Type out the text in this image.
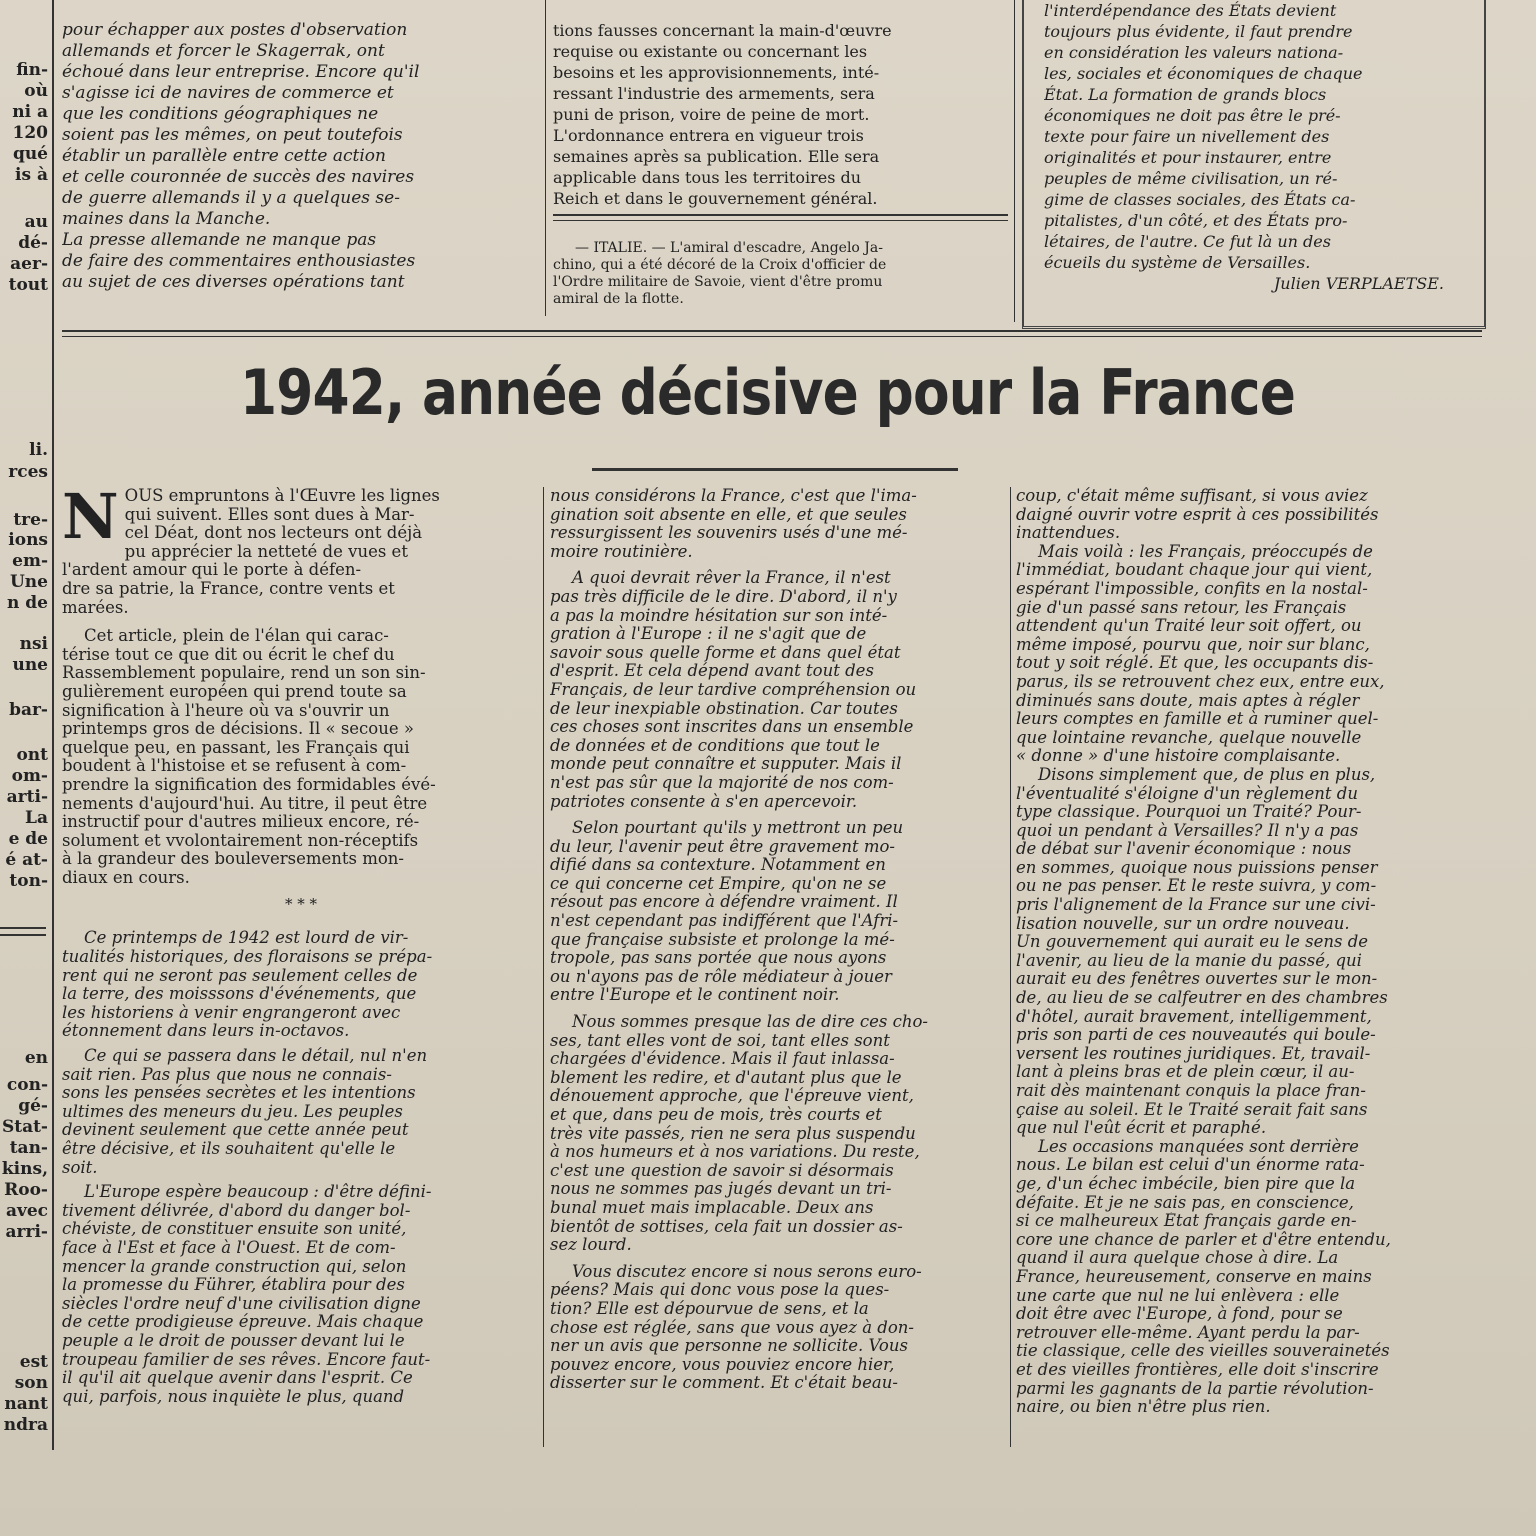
fin-
où
ni a
120
qué
is à
au
dé-
aer-
tout
li.
rces
tre-
ions
em-
Une
n de
nsi
une
bar-
ont
om-
arti-
La
e de
é at-
ton-
en
con-
gé-
Stat-
tan-
kins,
Roo-
avec
arri-
est
son
nant
ndra
pour échapper aux postes d'observation
allemands et forcer le Skagerrak, ont
échoué dans leur entreprise. Encore qu'il
s'agisse ici de navires de commerce et
que les conditions géographiques ne
soient pas les mêmes, on peut toutefois
établir un parallèle entre cette action
et celle couronnée de succès des navires
de guerre allemands il y a quelques se-
maines dans la Manche.
La presse allemande ne manque pas
de faire des commentaires enthousiastes
au sujet de ces diverses opérations tant
tions fausses concernant la main-d'œuvre
requise ou existante ou concernant les
besoins et les approvisionnements, inté-
ressant l'industrie des armements, sera
puni de prison, voire de peine de mort.
L'ordonnance entrera en vigueur trois
semaines après sa publication. Elle sera
applicable dans tous les territoires du
Reich et dans le gouvernement général.
— ITALIE. — L'amiral d'escadre, Angelo Ja-
chino, qui a été décoré de la Croix d'officier de
l'Ordre militaire de Savoie, vient d'être promu
amiral de la flotte.
l'interdépendance des États devient
toujours plus évidente, il faut prendre
en considération les valeurs nationa-
les, sociales et économiques de chaque
État. La formation de grands blocs
économiques ne doit pas être le pré-
texte pour faire un nivellement des
originalités et pour instaurer, entre
peuples de même civilisation, un ré-
gime de classes sociales, des États ca-
pitalistes, d'un côté, et des États pro-
létaires, de l'autre. Ce fut là un des
écueils du système de Versailles.
Julien VERPLAETSE.
1942, année décisive pour la France
N OUS empruntons à l'Œuvre les lignes
qui suivent. Elles sont dues à Mar-
cel Déat, dont nos lecteurs ont déjà
pu apprécier la netteté de vues et
l'ardent amour qui le porte à défen-
dre sa patrie, la France, contre vents et
marées.
Cet article, plein de l'élan qui carac-
térise tout ce que dit ou écrit le chef du
Rassemblement populaire, rend un son sin-
gulièrement européen qui prend toute sa
signification à l'heure où va s'ouvrir un
printemps gros de décisions. Il « secoue »
quelque peu, en passant, les Français qui
boudent à l'histoise et se refusent à com-
prendre la signification des formidables évé-
nements d'aujourd'hui. Au titre, il peut être
instructif pour d'autres milieux encore, ré-
solument et vvolontairement non-réceptifs
à la grandeur des bouleversements mon-
diaux en cours.
* * *
Ce printemps de 1942 est lourd de vir-
tualités historiques, des floraisons se prépa-
rent qui ne seront pas seulement celles de
la terre, des moisssons d'événements, que
les historiens à venir engrangeront avec
étonnement dans leurs in-octavos.
Ce qui se passera dans le détail, nul n'en
sait rien. Pas plus que nous ne connais-
sons les pensées secrètes et les intentions
ultimes des meneurs du jeu. Les peuples
devinent seulement que cette année peut
être décisive, et ils souhaitent qu'elle le
soit.
L'Europe espère beaucoup : d'être défini-
tivement délivrée, d'abord du danger bol-
chéviste, de constituer ensuite son unité,
face à l'Est et face à l'Ouest. Et de com-
mencer la grande construction qui, selon
la promesse du Führer, établira pour des
siècles l'ordre neuf d'une civilisation digne
de cette prodigieuse épreuve. Mais chaque
peuple a le droit de pousser devant lui le
troupeau familier de ses rêves. Encore faut-
il qu'il ait quelque avenir dans l'esprit. Ce
qui, parfois, nous inquiète le plus, quand
nous considérons la France, c'est que l'ima-
gination soit absente en elle, et que seules
ressurgissent les souvenirs usés d'une mé-
moire routinière.
A quoi devrait rêver la France, il n'est
pas très difficile de le dire. D'abord, il n'y
a pas la moindre hésitation sur son inté-
gration à l'Europe : il ne s'agit que de
savoir sous quelle forme et dans quel état
d'esprit. Et cela dépend avant tout des
Français, de leur tardive compréhension ou
de leur inexpiable obstination. Car toutes
ces choses sont inscrites dans un ensemble
de données et de conditions que tout le
monde peut connaître et supputer. Mais il
n'est pas sûr que la majorité de nos com-
patriotes consente à s'en apercevoir.
Selon pourtant qu'ils y mettront un peu
du leur, l'avenir peut être gravement mo-
difié dans sa contexture. Notamment en
ce qui concerne cet Empire, qu'on ne se
résout pas encore à défendre vraiment. Il
n'est cependant pas indifférent que l'Afri-
que française subsiste et prolonge la mé-
tropole, pas sans portée que nous ayons
ou n'ayons pas de rôle médiateur à jouer
entre l'Europe et le continent noir.
Nous sommes presque las de dire ces cho-
ses, tant elles vont de soi, tant elles sont
chargées d'évidence. Mais il faut inlassa-
blement les redire, et d'autant plus que le
dénouement approche, que l'épreuve vient,
et que, dans peu de mois, très courts et
très vite passés, rien ne sera plus suspendu
à nos humeurs et à nos variations. Du reste,
c'est une question de savoir si désormais
nous ne sommes pas jugés devant un tri-
bunal muet mais implacable. Deux ans
bientôt de sottises, cela fait un dossier as-
sez lourd.
Vous discutez encore si nous serons euro-
péens? Mais qui donc vous pose la ques-
tion? Elle est dépourvue de sens, et la
chose est réglée, sans que vous ayez à don-
ner un avis que personne ne sollicite. Vous
pouvez encore, vous pouviez encore hier,
disserter sur le comment. Et c'était beau-
coup, c'était même suffisant, si vous aviez
daigné ouvrir votre esprit à ces possibilités
inattendues.
Mais voilà : les Français, préoccupés de
l'immédiat, boudant chaque jour qui vient,
espérant l'impossible, confits en la nostal-
gie d'un passé sans retour, les Français
attendent qu'un Traité leur soit offert, ou
même imposé, pourvu que, noir sur blanc,
tout y soit réglé. Et que, les occupants dis-
parus, ils se retrouvent chez eux, entre eux,
diminués sans doute, mais aptes à régler
leurs comptes en famille et à ruminer quel-
que lointaine revanche, quelque nouvelle
« donne » d'une histoire complaisante.
Disons simplement que, de plus en plus,
l'éventualité s'éloigne d'un règlement du
type classique. Pourquoi un Traité? Pour-
quoi un pendant à Versailles? Il n'y a pas
de débat sur l'avenir économique : nous
en sommes, quoique nous puissions penser
ou ne pas penser. Et le reste suivra, y com-
pris l'alignement de la France sur une civi-
lisation nouvelle, sur un ordre nouveau.
Un gouvernement qui aurait eu le sens de
l'avenir, au lieu de la manie du passé, qui
aurait eu des fenêtres ouvertes sur le mon-
de, au lieu de se calfeutrer en des chambres
d'hôtel, aurait bravement, intelligemment,
pris son parti de ces nouveautés qui boule-
versent les routines juridiques. Et, travail-
lant à pleins bras et de plein cœur, il au-
rait dès maintenant conquis la place fran-
çaise au soleil. Et le Traité serait fait sans
que nul l'eût écrit et paraphé.
Les occasions manquées sont derrière
nous. Le bilan est celui d'un énorme rata-
ge, d'un échec imbécile, bien pire que la
défaite. Et je ne sais pas, en conscience,
si ce malheureux État français garde en-
core une chance de parler et d'être entendu,
quand il aura quelque chose à dire. La
France, heureusement, conserve en mains
une carte que nul ne lui enlèvera : elle
doit être avec l'Europe, à fond, pour se
retrouver elle-même. Ayant perdu la par-
tie classique, celle des vieilles souverainetés
et des vieilles frontières, elle doit s'inscrire
parmi les gagnants de la partie révolution-
naire, ou bien n'être plus rien.
